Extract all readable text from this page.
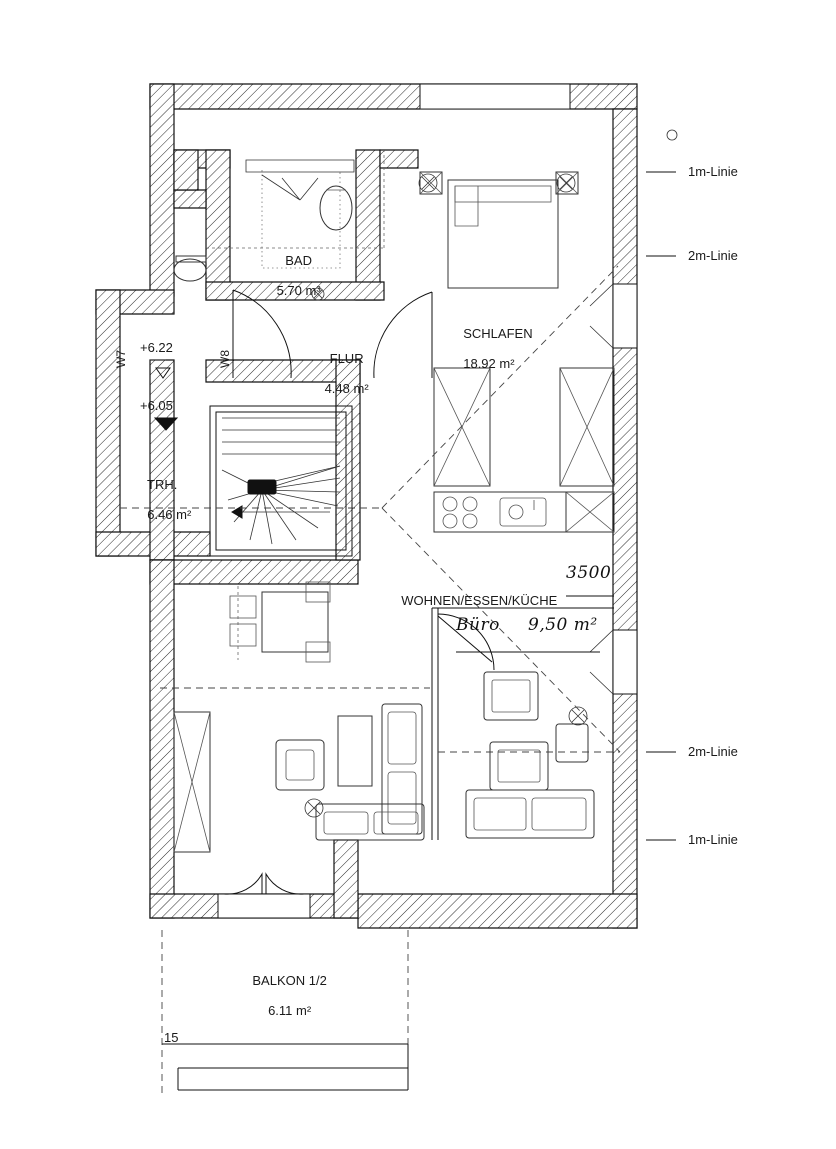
BAD

5.70 m³

FLUR

4.48 m²

SCHLAFEN

18.92 m²

TRH.

6.46 m²

WOHNEN/ESSEN/KÜCHE

BALKON 1/2

6.11 m²

3500
Büro 9,50 m²
+6.22
+6.05
W7	W8
1m-Linie
2m-Linie
2m-Linie
1m-Linie
15
